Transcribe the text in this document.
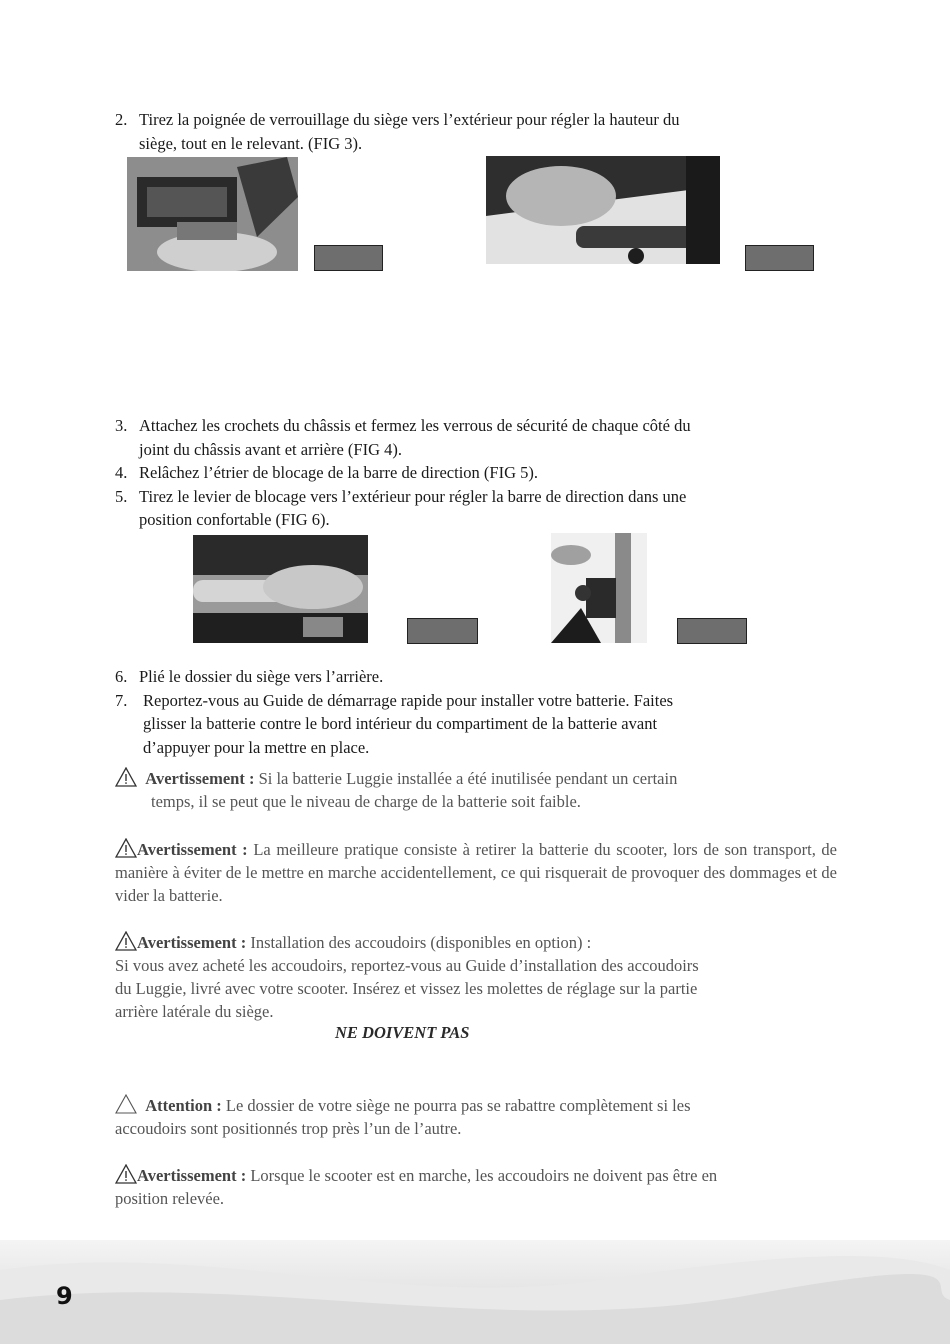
2. Tirez la poignée de verrouillage du siège vers l’extérieur pour régler la hauteur du
siège, tout en le relevant. (FIG 3).
3. Attachez les crochets du châssis et fermez les verrous de sécurité de chaque côté du
joint du châssis avant et arrière (FIG 4).
4. Relâchez l’étrier de blocage de la barre de direction (FIG 5).
5. Tirez le levier de blocage vers l’extérieur pour régler la barre de direction dans une
position confortable (FIG 6).
6. Plié le dossier du siège vers l’arrière.
7. Reportez-vous au Guide de démarrage rapide pour installer votre batterie. Faites
glisser la batterie contre le bord intérieur du compartiment de la batterie avant
d’appuyer pour la mettre en place.
Avertissement : Si la batterie Luggie installée a été inutilisée pendant un certain
temps, il se peut que le niveau de charge de la batterie soit faible.
Avertissement : La meilleure pratique consiste à retirer la batterie du scooter, lors de son transport, de manière à éviter de le mettre en marche accidentellement, ce qui risquerait de provoquer des dommages et de vider la batterie.
Avertissement : Installation des accoudoirs (disponibles en option) :
Si vous avez acheté les accoudoirs, reportez-vous au Guide d’installation des accoudoirs
du Luggie, livré avec votre scooter. Insérez et vissez les molettes de réglage sur la partie
arrière latérale du siège.
NE DOIVENT PAS
Attention : Le dossier de votre siège ne pourra pas se rabattre complètement si les
accoudoirs sont positionnés trop près l’un de l’autre.
Avertissement : Lorsque le scooter est en marche, les accoudoirs ne doivent pas être en
position relevée.
9
